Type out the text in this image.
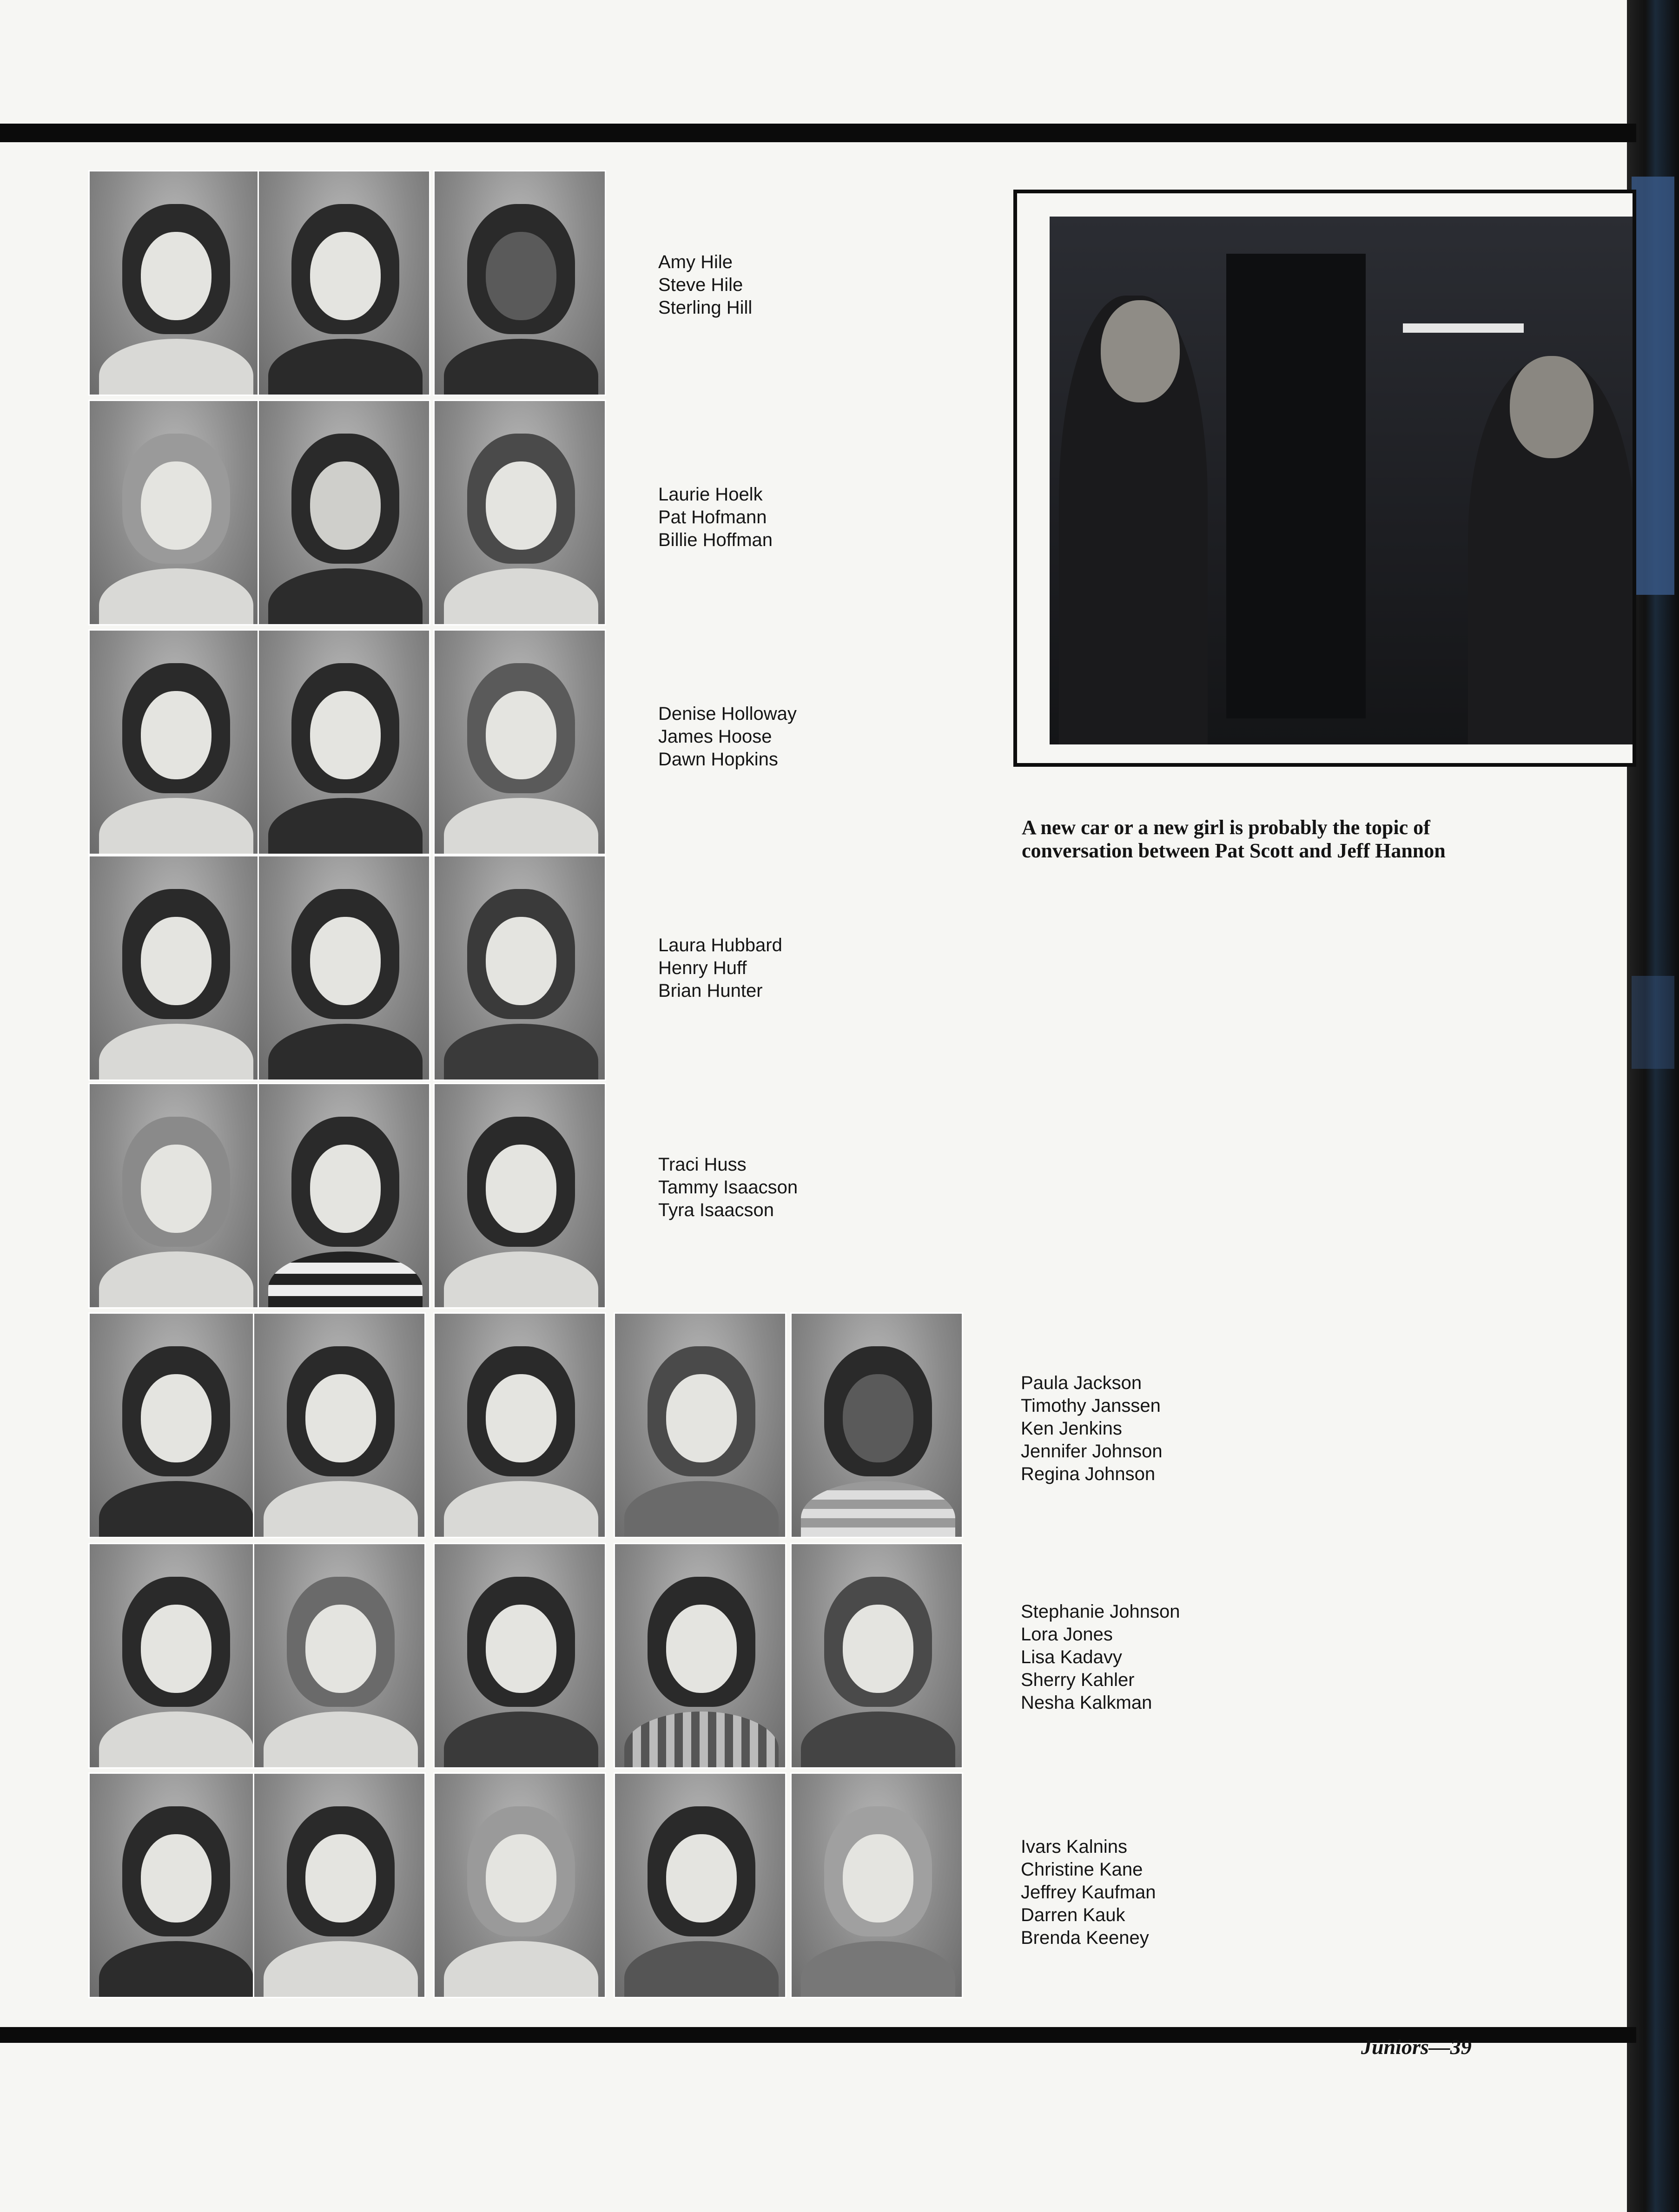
Amy Hile
Steve Hile
Sterling Hill
Laurie Hoelk
Pat Hofmann
Billie Hoffman
Denise Holloway
James Hoose
Dawn Hopkins
Laura Hubbard
Henry Huff
Brian Hunter
Traci Huss
Tammy Isaacson
Tyra Isaacson
Paula Jackson
Timothy Janssen
Ken Jenkins
Jennifer Johnson
Regina Johnson
Stephanie Johnson
Lora Jones
Lisa Kadavy
Sherry Kahler
Nesha Kalkman
Ivars Kalnins
Christine Kane
Jeffrey Kaufman
Darren Kauk
Brenda Keeney
A new car or a new girl is probably the topic of conversation between Pat Scott and Jeff Hannon
Juniors—39
